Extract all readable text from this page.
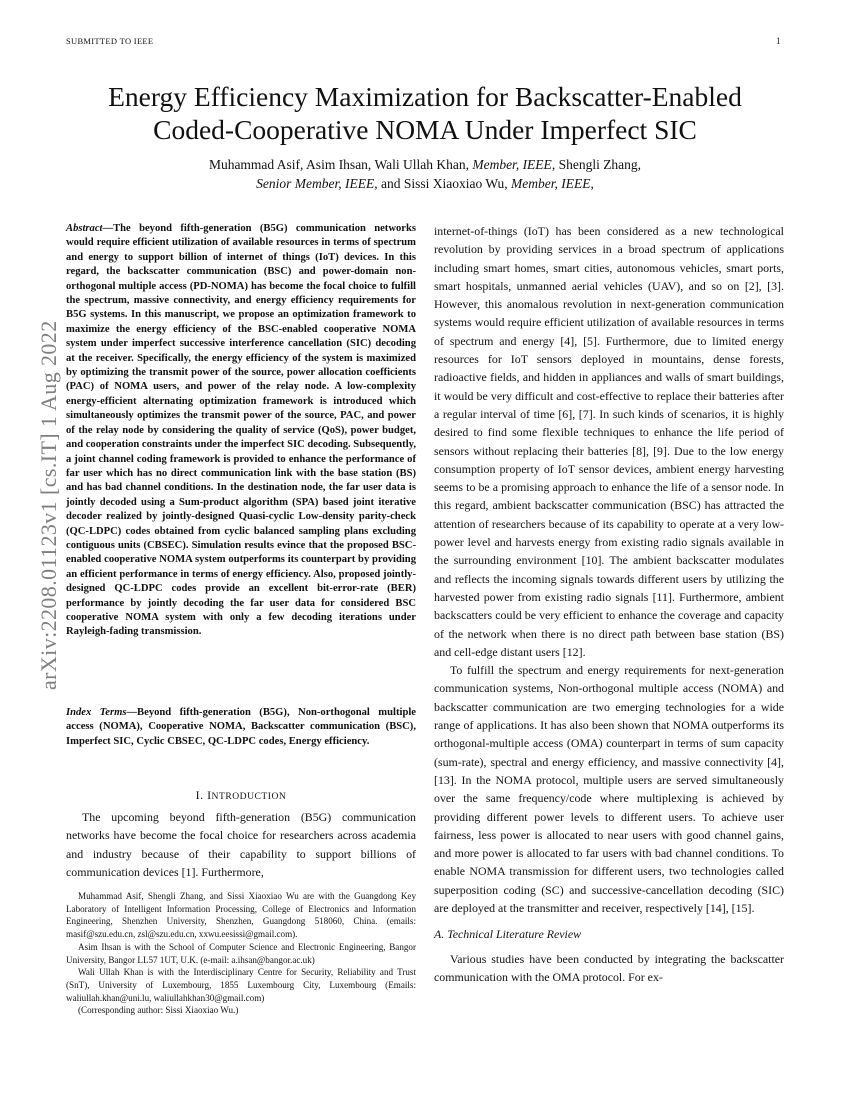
SUBMITTED TO IEEE	1
arXiv:2208.01123v1 [cs.IT] 1 Aug 2022
Energy Efficiency Maximization for Backscatter-Enabled
Coded-Cooperative NOMA Under Imperfect SIC
Muhammad Asif, Asim Ihsan, Wali Ullah Khan, Member, IEEE, Shengli Zhang,
Senior Member, IEEE, and Sissi Xiaoxiao Wu, Member, IEEE,
Abstract—The beyond fifth-generation (B5G) communication networks would require efficient utilization of available resources in terms of spectrum and energy to support billion of internet of things (IoT) devices. In this regard, the backscatter communication (BSC) and power-domain non-orthogonal multiple access (PD-NOMA) has become the focal choice to fulfill the spectrum, massive connectivity, and energy efficiency requirements for B5G systems. In this manuscript, we propose an optimization framework to maximize the energy efficiency of the BSC-enabled cooperative NOMA system under imperfect successive interference cancellation (SIC) decoding at the receiver. Specifically, the energy efficiency of the system is maximized by optimizing the transmit power of the source, power allocation coefficients (PAC) of NOMA users, and power of the relay node. A low-complexity energy-efficient alternating optimization framework is introduced which simultaneously optimizes the transmit power of the source, PAC, and power of the relay node by considering the quality of service (QoS), power budget, and cooperation constraints under the imperfect SIC decoding. Subsequently, a joint channel coding framework is provided to enhance the performance of far user which has no direct communication link with the base station (BS) and has bad channel conditions. In the destination node, the far user data is jointly decoded using a Sum-product algorithm (SPA) based joint iterative decoder realized by jointly-designed Quasi-cyclic Low-density parity-check (QC-LDPC) codes obtained from cyclic balanced sampling plans excluding contiguous units (CBSEC). Simulation results evince that the proposed BSC-enabled cooperative NOMA system outperforms its counterpart by providing an efficient performance in terms of energy efficiency. Also, proposed jointly-designed QC-LDPC codes provide an excellent bit-error-rate (BER) performance by jointly decoding the far user data for considered BSC cooperative NOMA system with only a few decoding iterations under Rayleigh-fading transmission.
Index Terms—Beyond fifth-generation (B5G), Non-orthogonal multiple access (NOMA), Cooperative NOMA, Backscatter communication (BSC), Imperfect SIC, Cyclic CBSEC, QC-LDPC codes, Energy efficiency.
I. INTRODUCTION
The upcoming beyond fifth-generation (B5G) communication networks have become the focal choice for researchers across academia and industry because of their capability to support billions of communication devices [1]. Furthermore,

Muhammad Asif, Shengli Zhang, and Sissi Xiaoxiao Wu are with the Guangdong Key Laboratory of Intelligent Information Processing, College of Electronics and Information Engineering, Shenzhen University, Shenzhen, Guangdong 518060, China. (emails: masif@szu.edu.cn, zsl@szu.edu.cn, xxwu.eesissi@gmail.com).

Asim Ihsan is with the School of Computer Science and Electronic Engineering, Bangor University, Bangor LL57 1UT, U.K. (e-mail: a.ihsan@bangor.ac.uk)

Wali Ullah Khan is with the Interdisciplinary Centre for Security, Reliability and Trust (SnT), University of Luxembourg, 1855 Luxembourg City, Luxembourg (Emails: waliullah.khan@uni.lu, waliullahkhan30@gmail.com)

(Corresponding author: Sissi Xiaoxiao Wu.)

internet-of-things (IoT) has been considered as a new technological revolution by providing services in a broad spectrum of applications including smart homes, smart cities, autonomous vehicles, smart ports, smart hospitals, unmanned aerial vehicles (UAV), and so on [2], [3]. However, this anomalous revolution in next-generation communication systems would require efficient utilization of available resources in terms of spectrum and energy [4], [5]. Furthermore, due to limited energy resources for IoT sensors deployed in mountains, dense forests, radioactive fields, and hidden in appliances and walls of smart buildings, it would be very difficult and cost-effective to replace their batteries after a regular interval of time [6], [7]. In such kinds of scenarios, it is highly desired to find some flexible techniques to enhance the life period of sensors without replacing their batteries [8], [9]. Due to the low energy consumption property of IoT sensor devices, ambient energy harvesting seems to be a promising approach to enhance the life of a sensor node. In this regard, ambient backscatter communication (BSC) has attracted the attention of researchers because of its capability to operate at a very low-power level and harvests energy from existing radio signals available in the surrounding environment [10]. The ambient backscatter modulates and reflects the incoming signals towards different users by utilizing the harvested power from existing radio signals [11]. Furthermore, ambient backscatters could be very efficient to enhance the coverage and capacity of the network when there is no direct path between base station (BS) and cell-edge distant users [12].

To fulfill the spectrum and energy requirements for next-generation communication systems, Non-orthogonal multiple access (NOMA) and backscatter communication are two emerging technologies for a wide range of applications. It has also been shown that NOMA outperforms its orthogonal-multiple access (OMA) counterpart in terms of sum capacity (sum-rate), spectral and energy efficiency, and massive connectivity [4], [13]. In the NOMA protocol, multiple users are served simultaneously over the same frequency/code where multiplexing is achieved by providing different power levels to different users. To achieve user fairness, less power is allocated to near users with good channel gains, and more power is allocated to far users with bad channel conditions. To enable NOMA transmission for different users, two technologies called superposition coding (SC) and successive-cancellation decoding (SIC) are deployed at the transmitter and receiver, respectively [14], [15].

A. Technical Literature Review

Various studies have been conducted by integrating the backscatter communication with the OMA protocol. For ex-
